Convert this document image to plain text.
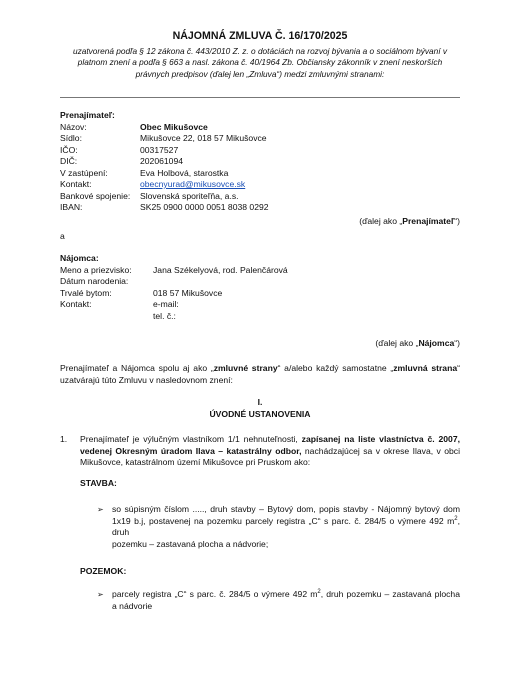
NÁJOMNÁ ZMLUVA Č. 16/170/2025
uzatvorená podľa § 12 zákona č. 443/2010 Z. z. o dotáciách na rozvoj bývania a o sociálnom bývaní v platnom znení a podľa § 663 a nasl. zákona č. 40/1964 Zb. Občiansky zákonník v znení neskorších právnych predpisov (ďalej len „Zmluva“) medzi zmluvnými stranami:
Prenajímateľ:
Názov:	Obec Mikušovce
Sídlo:	Mikušovce 22, 018 57 Mikušovce
IČO:	00317527
DIČ:	202061094
V zastúpení:	Eva Holbová, starostka
Kontakt:	obecnyurad@mikusovce.sk
Bankové spojenie: Slovenská sporiteľňa, a.s.
IBAN:	SK25 0900 0000 0051 8038 0292
(ďalej ako „Prenajímateľ“)
a
Nájomca:
Meno a priezvisko: Jana Székelyová, rod. Palenčárová
Dátum narodenia:
Trvalé bytom:	018 57 Mikušovce
Kontakt:	e-mail:
tel. č.:
(ďalej ako „Nájomca“)
Prenajímateľ a Nájomca spolu aj ako „zmluvné strany“ a/alebo každý samostatne „zmluvná strana“
uzatvárajú túto Zmluvu v nasledovnom znení:
I.
ÚVODNÉ USTANOVENIA
1. Prenajímateľ je výlučným vlastníkom 1/1 nehnuteľnosti, zapísanej na liste vlastníctva č. 2007,
vedenej Okresným úradom Ilava – katastrálny odbor, nachádzajúcej sa v okrese Ilava, v obci
Mikušovce, katastrálnom území Mikušovce pri Pruskom ako:
STAVBA:
➢ so súpisným číslom ....., druh stavby – Bytový dom, popis stavby - Nájomný bytový dom
1x19 b.j, postavenej na pozemku parcely registra „C“ s parc. č. 284/5 o výmere 492 $m^2$, druh
pozemku – zastavaná plocha a nádvorie;
POZEMOK:
➢ parcely registra „C“ s parc. č. 284/5 o výmere 492 $m^2$, druh pozemku – zastavaná plocha
a nádvorie
